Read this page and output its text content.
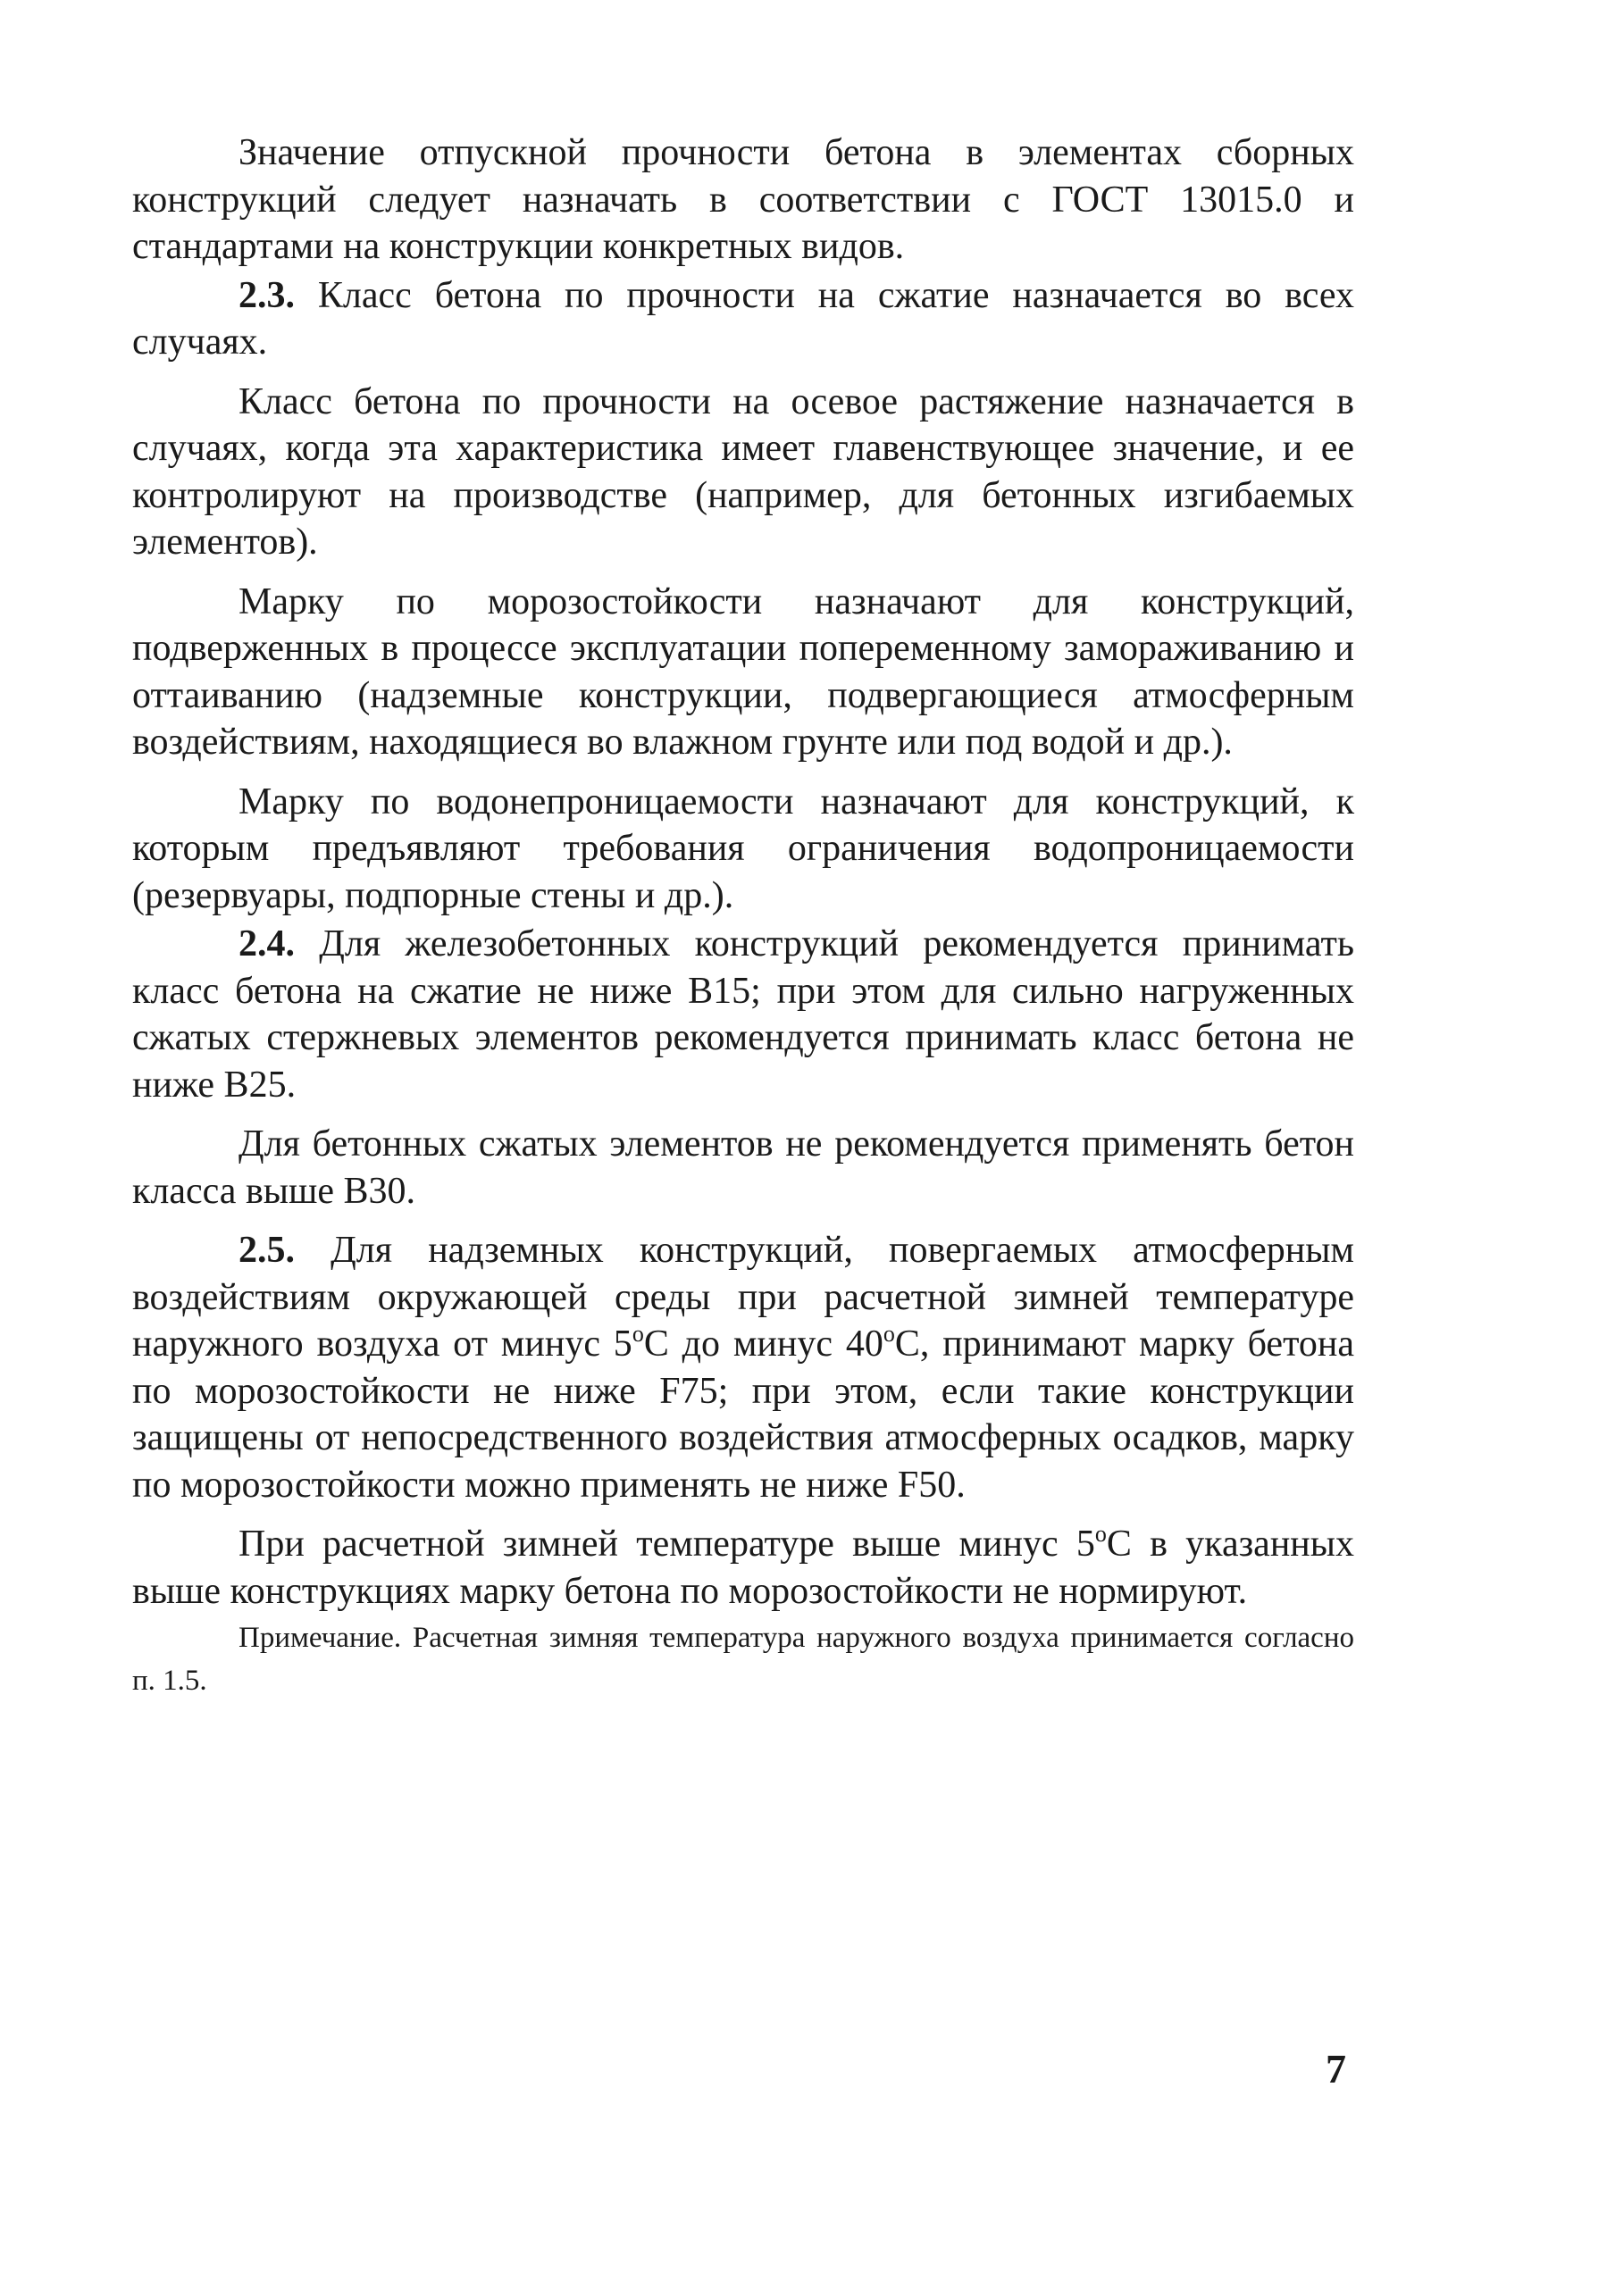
Значение отпускной прочности бетона в элементах сборных конструкций следует назначать в соответствии с ГОСТ 13015.0 и стандартами на конструкции конкретных видов.

2.3. Класс бетона по прочности на сжатие назначается во всех случаях.

Класс бетона по прочности на осевое растяжение назначается в случаях, когда эта характеристика имеет главенствующее значение, и ее контролируют на производстве (например, для бетонных изгибаемых элементов).

Марку по морозостойкости назначают для конструкций, подверженных в процессе эксплуатации попеременному замораживанию и оттаиванию (надземные конструкции, подвергающиеся атмосферным воздействиям, находящиеся во влажном грунте или под водой и др.).

Марку по водонепроницаемости назначают для конструкций, к которым предъявляют требования ограничения водопроницаемости (резервуары, подпорные стены и др.).

2.4. Для железобетонных конструкций рекомендуется принимать класс бетона на сжатие не ниже В15; при этом для сильно нагруженных сжатых стержневых элементов рекомендуется принимать класс бетона не ниже В25.

Для бетонных сжатых элементов не рекомендуется применять бетон класса выше В30.

2.5. Для надземных конструкций, повергаемых атмосферным воздействиям окружающей среды при расчетной зимней температуре наружного воздуха от минус 5$^o$С до минус 40$^o$С, принимают марку бетона по морозостойкости не ниже F75; при этом, если такие конструкции защищены от непосредственного воздействия атмосферных осадков, марку по морозостойкости можно применять не ниже F50.

При расчетной зимней температуре выше минус 5$^o$С в указанных выше конструкциях марку бетона по морозостойкости не нормируют.

Примечание. Расчетная зимняя температура наружного воздуха принимается согласно п. 1.5.

7
